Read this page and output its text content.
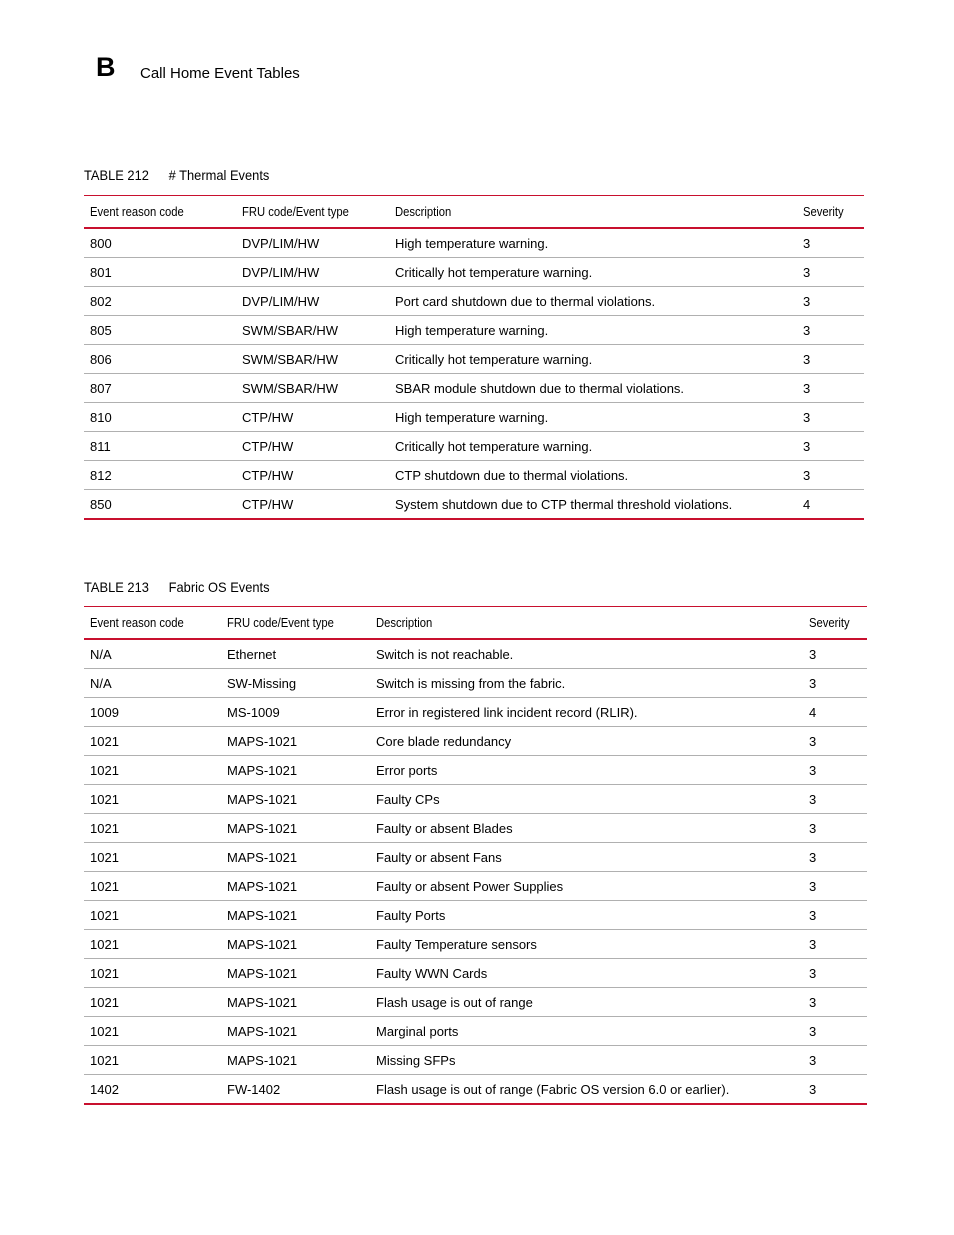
B Call Home Event Tables
TABLE 212 # Thermal Events
Event reason code	FRU code/Event type	Description	Severity
800	DVP/LIM/HW	High temperature warning.	3
801	DVP/LIM/HW	Critically hot temperature warning.	3
802	DVP/LIM/HW	Port card shutdown due to thermal violations.	3
805	SWM/SBAR/HW	High temperature warning.	3
806	SWM/SBAR/HW	Critically hot temperature warning.	3
807	SWM/SBAR/HW	SBAR module shutdown due to thermal violations.	3
810	CTP/HW	High temperature warning.	3
811	CTP/HW	Critically hot temperature warning.	3
812	CTP/HW	CTP shutdown due to thermal violations.	3
850	CTP/HW	System shutdown due to CTP thermal threshold violations.	4
TABLE 213 Fabric OS Events
Event reason code	FRU code/Event type	Description	Severity
N/A	Ethernet	Switch is not reachable.	3
N/A	SW-Missing	Switch is missing from the fabric.	3
1009	MS-1009	Error in registered link incident record (RLIR).	4
1021	MAPS-1021	Core blade redundancy	3
1021	MAPS-1021	Error ports	3
1021	MAPS-1021	Faulty CPs	3
1021	MAPS-1021	Faulty or absent Blades	3
1021	MAPS-1021	Faulty or absent Fans	3
1021	MAPS-1021	Faulty or absent Power Supplies	3
1021	MAPS-1021	Faulty Ports	3
1021	MAPS-1021	Faulty Temperature sensors	3
1021	MAPS-1021	Faulty WWN Cards	3
1021	MAPS-1021	Flash usage is out of range	3
1021	MAPS-1021	Marginal ports	3
1021	MAPS-1021	Missing SFPs	3
1402	FW-1402	Flash usage is out of range (Fabric OS version 6.0 or earlier).	3
